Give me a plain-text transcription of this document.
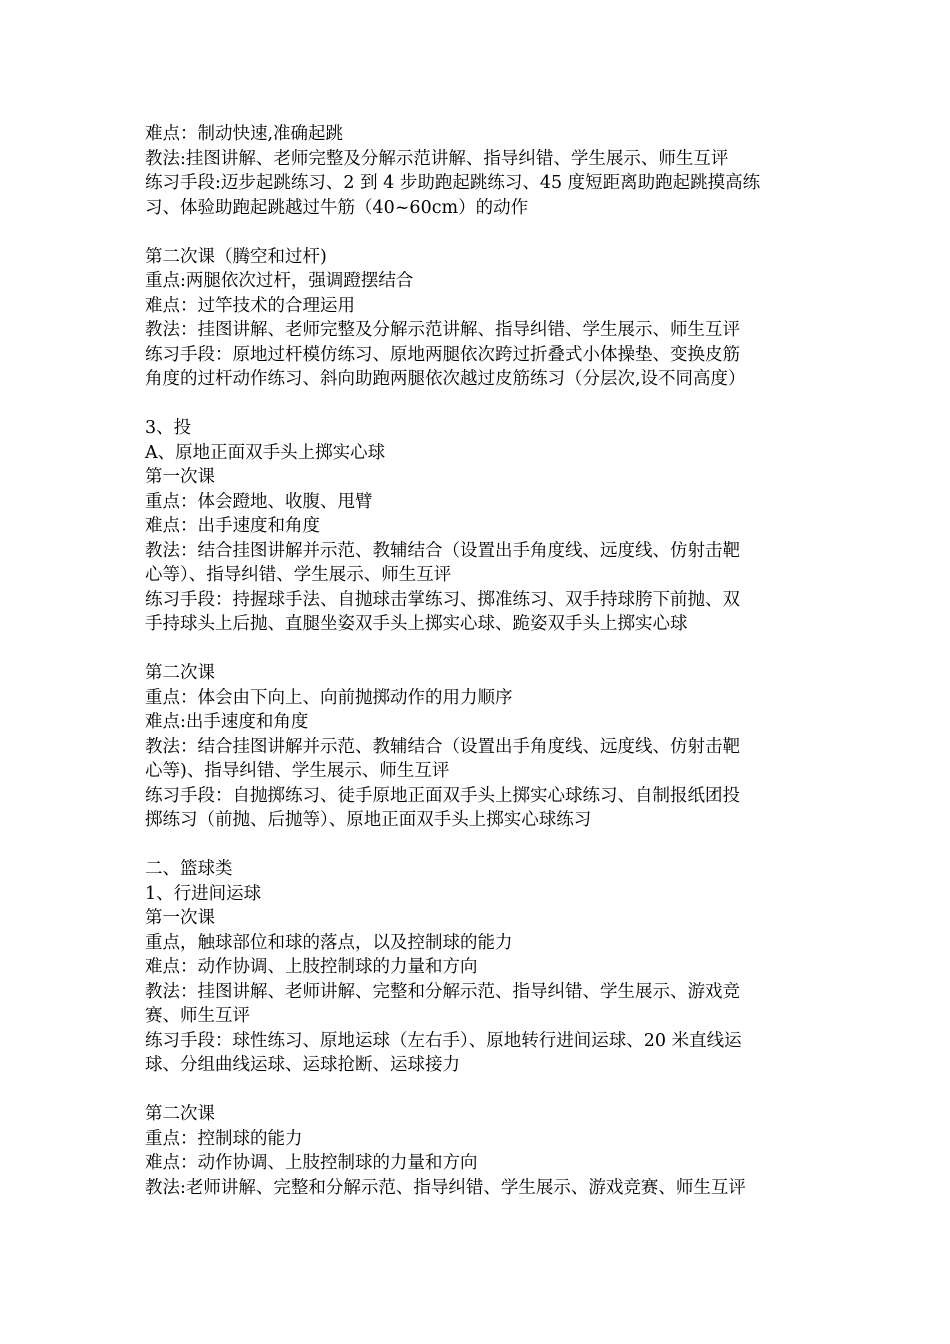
难点：制动快速,准确起跳
教法:挂图讲解、老师完整及分解示范讲解、指导纠错、学生展示、师生互评
练习手段:迈步起跳练习、2 到 4 步助跑起跳练习、45 度短距离助跑起跳摸高练
习、体验助跑起跳越过牛筋（40~60cm）的动作
第二次课（腾空和过杆)
重点:两腿依次过杆，强调蹬摆结合
难点：过竿技术的合理运用
教法：挂图讲解、老师完整及分解示范讲解、指导纠错、学生展示、师生互评
练习手段：原地过杆模仿练习、原地两腿依次跨过折叠式小体操垫、变换皮筋
角度的过杆动作练习、斜向助跑两腿依次越过皮筋练习（分层次,设不同高度）
3、投
A、原地正面双手头上掷实心球
第一次课
重点：体会蹬地、收腹、甩臂
难点：出手速度和角度
教法：结合挂图讲解并示范、教辅结合（设置出手角度线、远度线、仿射击靶
心等）、指导纠错、学生展示、师生互评
练习手段：持握球手法、自抛球击掌练习、掷准练习、双手持球胯下前抛、双
手持球头上后抛、直腿坐姿双手头上掷实心球、跪姿双手头上掷实心球
第二次课
重点：体会由下向上、向前抛掷动作的用力顺序
难点:出手速度和角度
教法：结合挂图讲解并示范、教辅结合（设置出手角度线、远度线、仿射击靶
心等)、指导纠错、学生展示、师生互评
练习手段：自抛掷练习、徒手原地正面双手头上掷实心球练习、自制报纸团投
掷练习（前抛、后抛等）、原地正面双手头上掷实心球练习
二、篮球类
1、行进间运球
第一次课
重点，触球部位和球的落点，以及控制球的能力
难点：动作协调、上肢控制球的力量和方向
教法：挂图讲解、老师讲解、完整和分解示范、指导纠错、学生展示、游戏竞
赛、师生互评
练习手段：球性练习、原地运球（左右手）、原地转行进间运球、20 米直线运
球、分组曲线运球、运球抢断、运球接力
第二次课
重点：控制球的能力
难点：动作协调、上肢控制球的力量和方向
教法:老师讲解、完整和分解示范、指导纠错、学生展示、游戏竞赛、师生互评
